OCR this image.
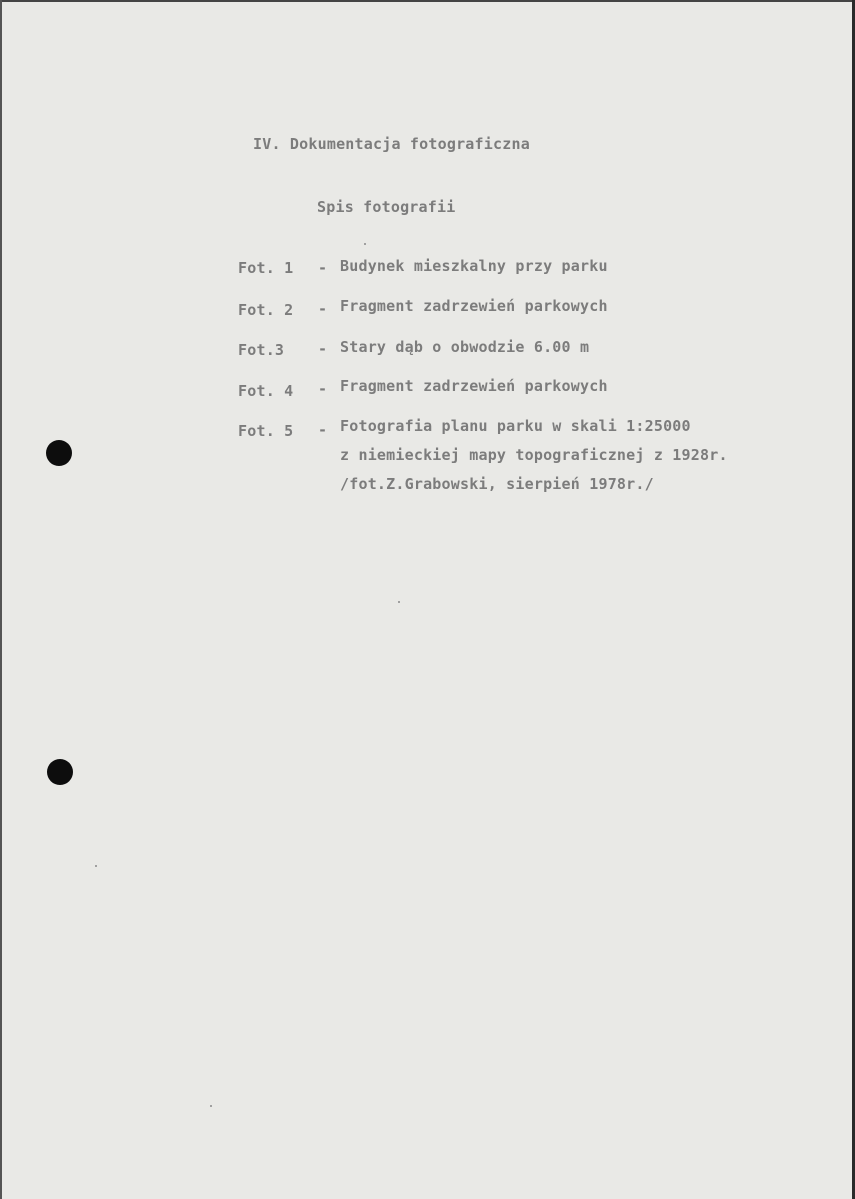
IV. Dokumentacja fotograficzna
Spis fotografii
Fot. 1 - Budynek mieszkalny przy parku
Fot. 2 - Fragment zadrzewień parkowych
Fot.3 - Stary dąb o obwodzie 6.00 m
Fot. 4 - Fragment zadrzewień parkowych
Fot. 5 - Fotografia planu parku w skali 1:25000
z niemieckiej mapy topograficznej z 1928r.
/fot.Z.Grabowski, sierpień 1978r./
